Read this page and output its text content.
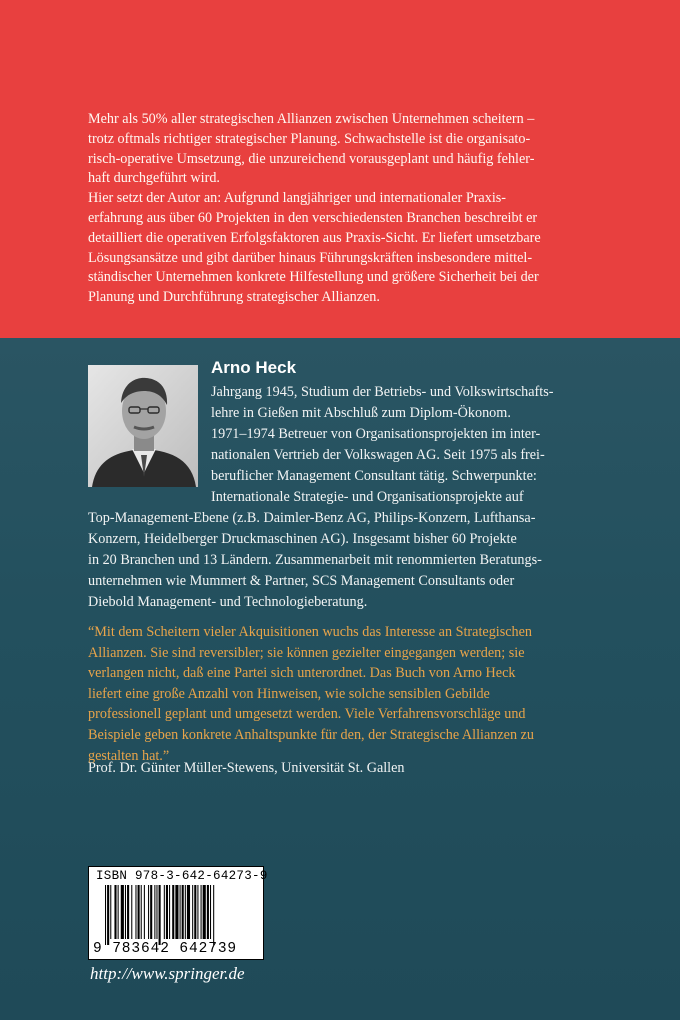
Mehr als 50% aller strategischen Allianzen zwischen Unternehmen scheitern –

trotz oftmals richtiger strategischer Planung. Schwachstelle ist die organisato-

risch-operative Umsetzung, die unzureichend vorausgeplant und häufig fehler-

haft durchgeführt wird.

Hier setzt der Autor an: Aufgrund langjähriger und internationaler Praxis-

erfahrung aus über 60 Projekten in den verschiedensten Branchen beschreibt er

detailliert die operativen Erfolgsfaktoren aus Praxis-Sicht. Er liefert umsetzbare

Lösungsansätze und gibt darüber hinaus Führungskräften insbesondere mittel-

ständischer Unternehmen konkrete Hilfestellung und größere Sicherheit bei der

Planung und Durchführung strategischer Allianzen.

Arno Heck
Jahrgang 1945, Studium der Betriebs- und Volkswirtschafts-
lehre in Gießen mit Abschluß zum Diplom-Ökonom.
1971–1974 Betreuer von Organisationsprojekten im inter-
nationalen Vertrieb der Volkswagen AG. Seit 1975 als frei-
beruflicher Management Consultant tätig. Schwerpunkte:
Internationale Strategie- und Organisationsprojekte auf
Top-Management-Ebene (z.B. Daimler-Benz AG, Philips-Konzern, Lufthansa-
Konzern, Heidelberger Druckmaschinen AG). Insgesamt bisher 60 Projekte
in 20 Branchen und 13 Ländern. Zusammenarbeit mit renommierten Beratungs-
unternehmen wie Mummert & Partner, SCS Management Consultants oder
Diebold Management- und Technologieberatung.
“Mit dem Scheitern vieler Akquisitionen wuchs das Interesse an Strategischen
Allianzen. Sie sind reversibler; sie können gezielter eingegangen werden; sie
verlangen nicht, daß eine Partei sich unterordnet. Das Buch von Arno Heck
liefert eine große Anzahl von Hinweisen, wie solche sensiblen Gebilde
professionell geplant und umgesetzt werden. Viele Verfahrensvorschläge und
Beispiele geben konkrete Anhaltspunkte für den, der Strategische Allianzen zu
gestalten hat.”
Prof. Dr. Günter Müller-Stewens, Universität St. Gallen
ISBN 978-3-642-64273-9
9 783642 642739
http://www.springer.de
